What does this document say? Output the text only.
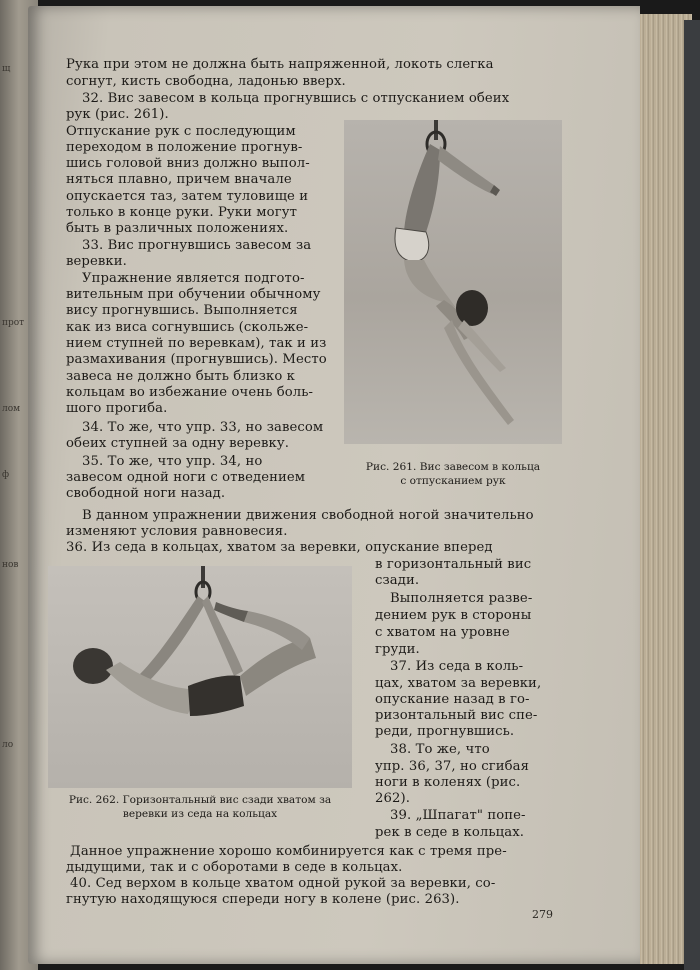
щ
прот
лом
ф
нов
ло
Рука при этом не должна быть напряженной, локоть слегка
согнут, кисть свободна, ладонью вверх.
32. Вис завесом в кольца прогнувшись с отпусканием обеих
рук (рис. 261).
Отпускание рук с последующим
переходом в положение прогнув-
шись головой вниз должно выпол-
няться плавно, причем вначале
опускается таз, затем туловище и
только в конце руки. Руки могут
быть в различных положениях.
33. Вис прогнувшись завесом за
веревки.
Упражнение является подгото-
вительным при обучении обычному
вису прогнувшись. Выполняется
как из виса согнувшись (скольже-
нием ступней по веревкам), так и из
размахивания (прогнувшись). Место
завеса не должно быть близко к
кольцам во избежание очень боль-
шого прогиба.
34. То же, что упр. 33, но завесом
обеих ступней за одну веревку.
35. То же, что упр. 34, но
завесом одной ноги с отведением
свободной ноги назад.
Рис. 261. Вис завесом в кольца
с отпусканием рук
В данном упражнении движения свободной ногой значительно
изменяют условия равновесия.
36. Из седа в кольцах, хватом за веревки, опускание вперед
Рис. 262. Горизонтальный вис сзади хватом за
веревки из седа на кольцах
в горизонтальный вис
сзади.
Выполняется разве-
дением рук в стороны
с хватом на уровне
груди.
37. Из седа в коль-
цах, хватом за веревки,
опускание назад в го-
ризонтальный вис спе-
реди, прогнувшись.
38. То же, что
упр. 36, 37, но сгибая
ноги в коленях (рис.
262).
39. „Шпагат" попе-
рек в седе в кольцах.
Данное упражнение хорошо комбинируется как с тремя пре-
дыдущими, так и с оборотами в седе в кольцах.
40. Сед верхом в кольце хватом одной рукой за веревки, со-
гнутую находящуюся спереди ногу в колене (рис. 263).
279
